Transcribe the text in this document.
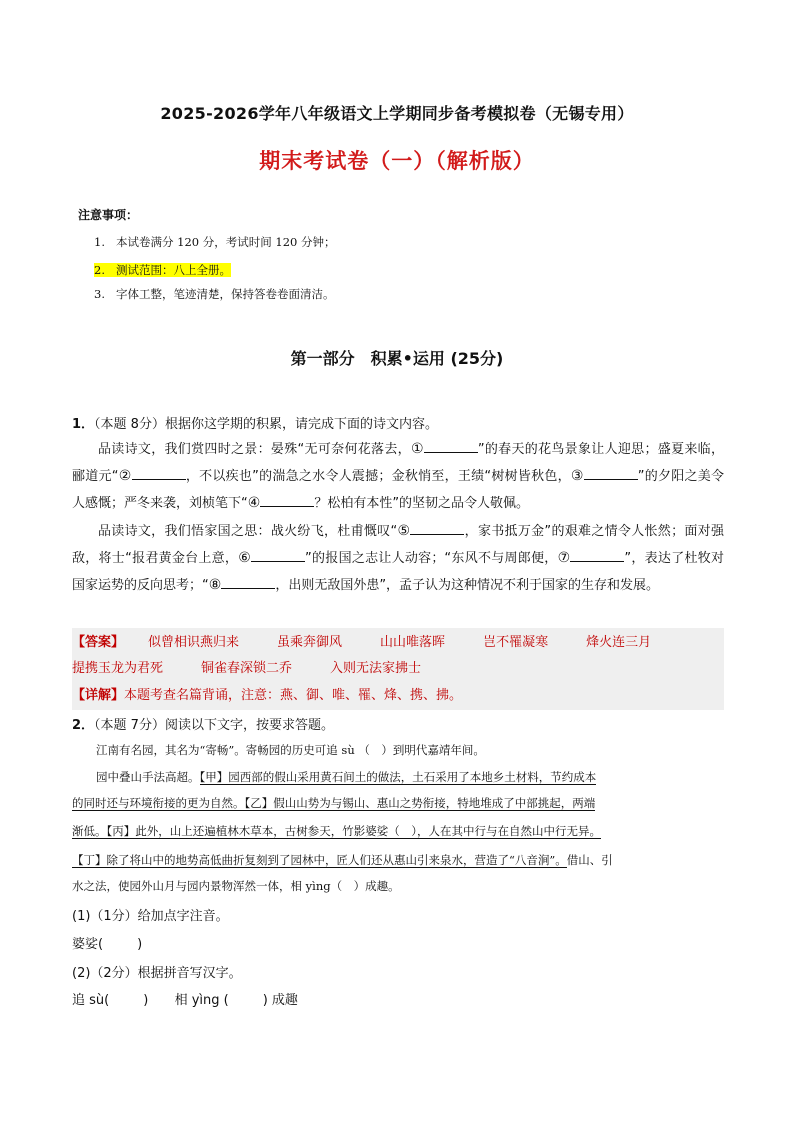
2025-2026学年八年级语文上学期同步备考模拟卷（无锡专用）
期末考试卷（一）（解析版）
注意事项：
1. 本试卷满分 120 分，考试时间 120 分钟；
2. 测试范围：八上全册。
3. 字体工整，笔迹清楚，保持答卷卷面清洁。
第一部分　积累•运用 (25分)
1．（本题 8分）根据你这学期的积累，请完成下面的诗文内容。
品读诗文，我们赏四时之景：晏殊“无可奈何花落去，①	”的春天的花鸟景象让人迎思；盛夏来临，郦道元“②	，不以疾也”的湍急之水令人震撼；金秋悄至，王绩“树树皆秋色，③	”的夕阳之美令人感慨；严冬来袭，刘桢笔下“④	？松柏有本性”的坚韧之品令人敬佩。
品读诗文，我们悟家国之思：战火纷飞，杜甫慨叹“⑤	，家书抵万金”的艰难之情令人怅然；面对强敌，将士“报君黄金台上意，⑥	”的报国之志让人动容；“东风不与周郎便，⑦	”，表达了杜牧对国家运势的反向思考；“⑧	，出则无敌国外患”，孟子认为这种情况不利于国家的生存和发展。
【答案】 似曾相识燕归来	虽乘奔御风	山山唯落晖	岂不罹凝寒	烽火连三月
提携玉龙为君死	铜雀春深锁二乔	入则无法家拂士
【详解】本题考查名篇背诵，注意：燕、御、唯、罹、烽、携、拂。
2．（本题 7分）阅读以下文字，按要求答题。
江南有名园，其名为“寄畅”。寄畅园的历史可追 sù （　）到明代嘉靖年间。
园中叠山手法高超。【甲】园西部的假山采用黄石间土的做法，土石采用了本地乡土材料，节约成本
的同时还与环境衔接的更为自然。【乙】假山山势为与锡山、惠山之势衔接，特地堆成了中部挑起，两端
渐低。【丙】此外，山上还遍植林木草本，古树参天，竹影婆娑（　），人在其中行与在自然山中行无异。
【丁】除了将山中的地势高低曲折复刻到了园林中，匠人们还从惠山引来泉水，营造了“八音涧”。借山、引
水之法，使园外山月与园内景物浑然一体，相 yìng（　）成趣。
(1)（1分）给加点字注音。
婆娑(	)
(2)（2分）根据拼音写汉字。
追 sù(	) 相 yìng (	) 成趣
